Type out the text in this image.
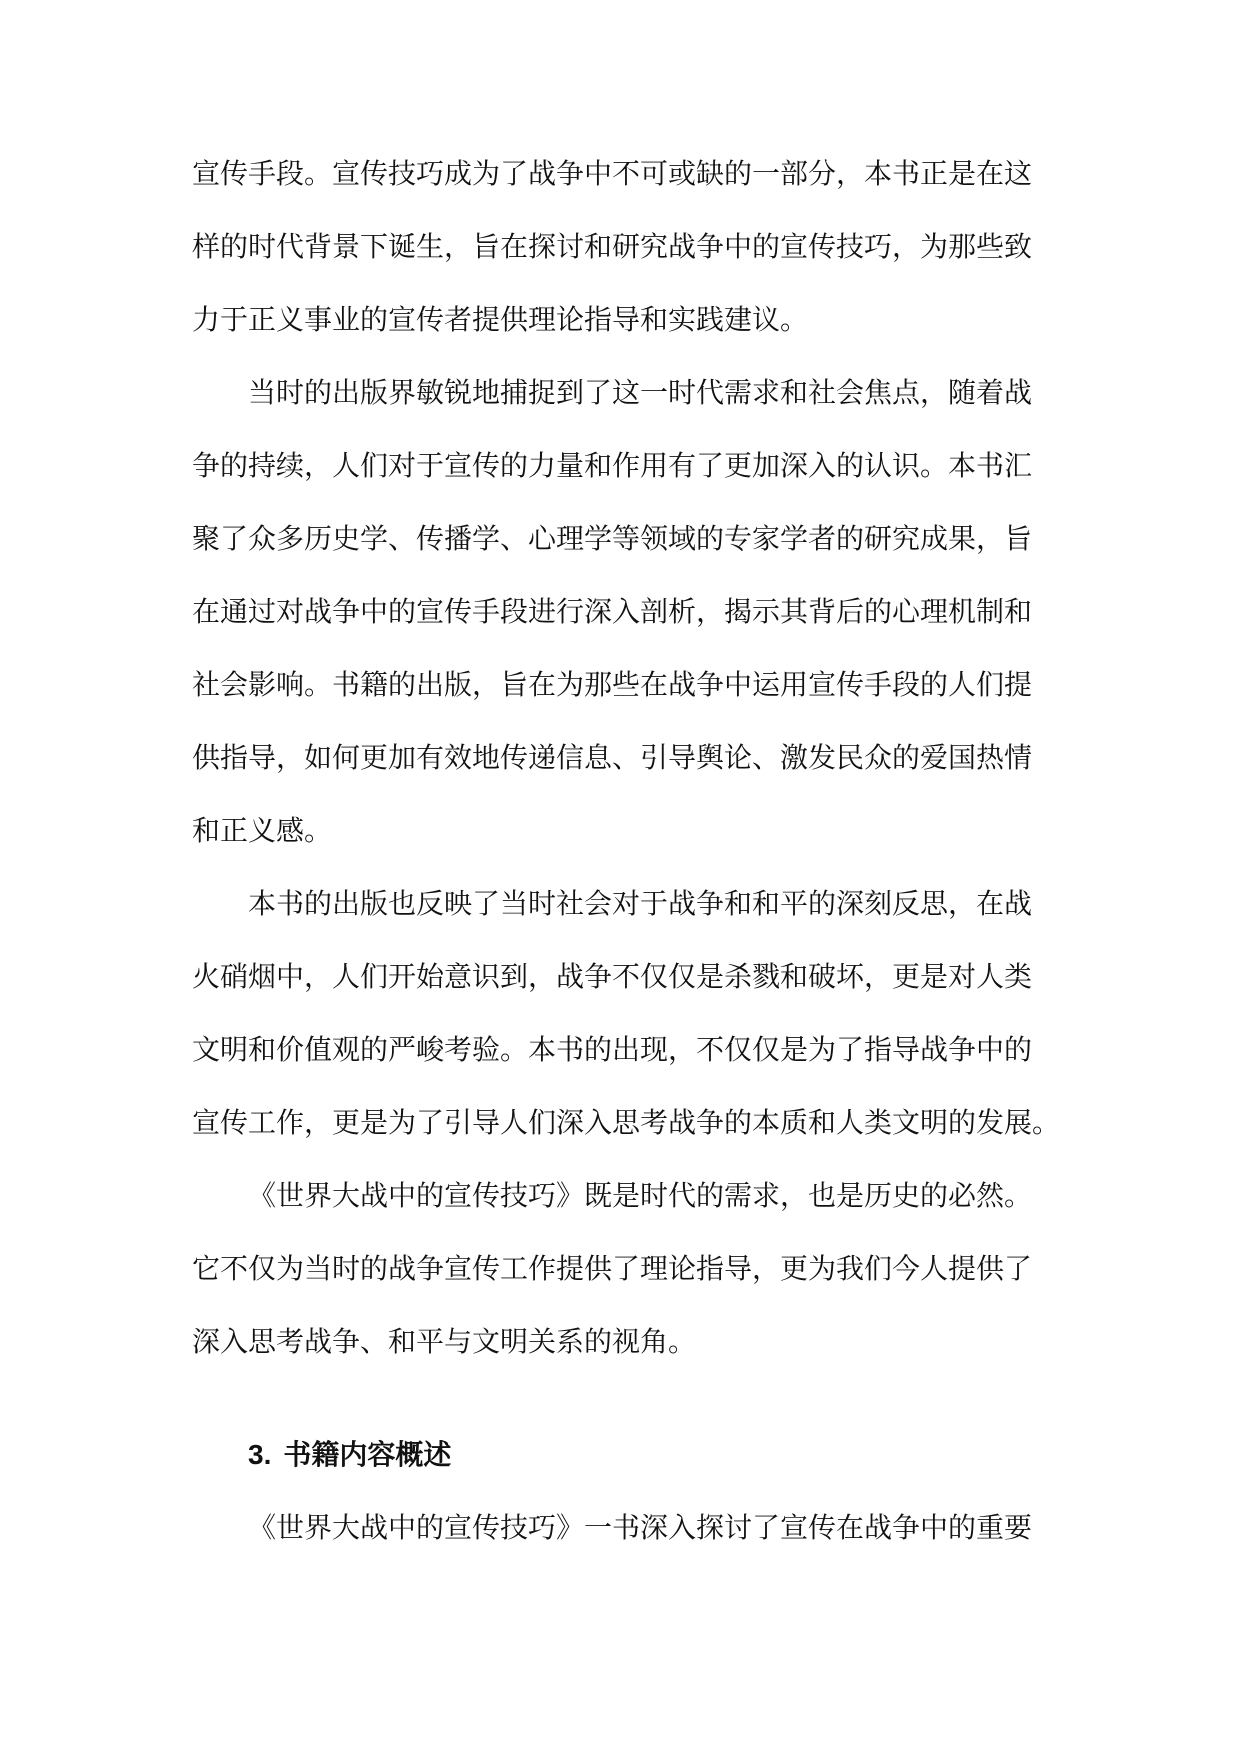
宣传手段。宣传技巧成为了战争中不可或缺的一部分，本书正是在这
样的时代背景下诞生，旨在探讨和研究战争中的宣传技巧，为那些致
力于正义事业的宣传者提供理论指导和实践建议。
当时的出版界敏锐地捕捉到了这一时代需求和社会焦点，随着战
争的持续，人们对于宣传的力量和作用有了更加深入的认识。本书汇
聚了众多历史学、传播学、心理学等领域的专家学者的研究成果，旨
在通过对战争中的宣传手段进行深入剖析，揭示其背后的心理机制和
社会影响。书籍的出版，旨在为那些在战争中运用宣传手段的人们提
供指导，如何更加有效地传递信息、引导舆论、激发民众的爱国热情
和正义感。
本书的出版也反映了当时社会对于战争和和平的深刻反思，在战
火硝烟中，人们开始意识到，战争不仅仅是杀戮和破坏，更是对人类
文明和价值观的严峻考验。本书的出现，不仅仅是为了指导战争中的
宣传工作，更是为了引导人们深入思考战争的本质和人类文明的发展。
《世界大战中的宣传技巧》既是时代的需求，也是历史的必然。
它不仅为当时的战争宣传工作提供了理论指导，更为我们今人提供了
深入思考战争、和平与文明关系的视角。
3. 书籍内容概述
《世界大战中的宣传技巧》一书深入探讨了宣传在战争中的重要
